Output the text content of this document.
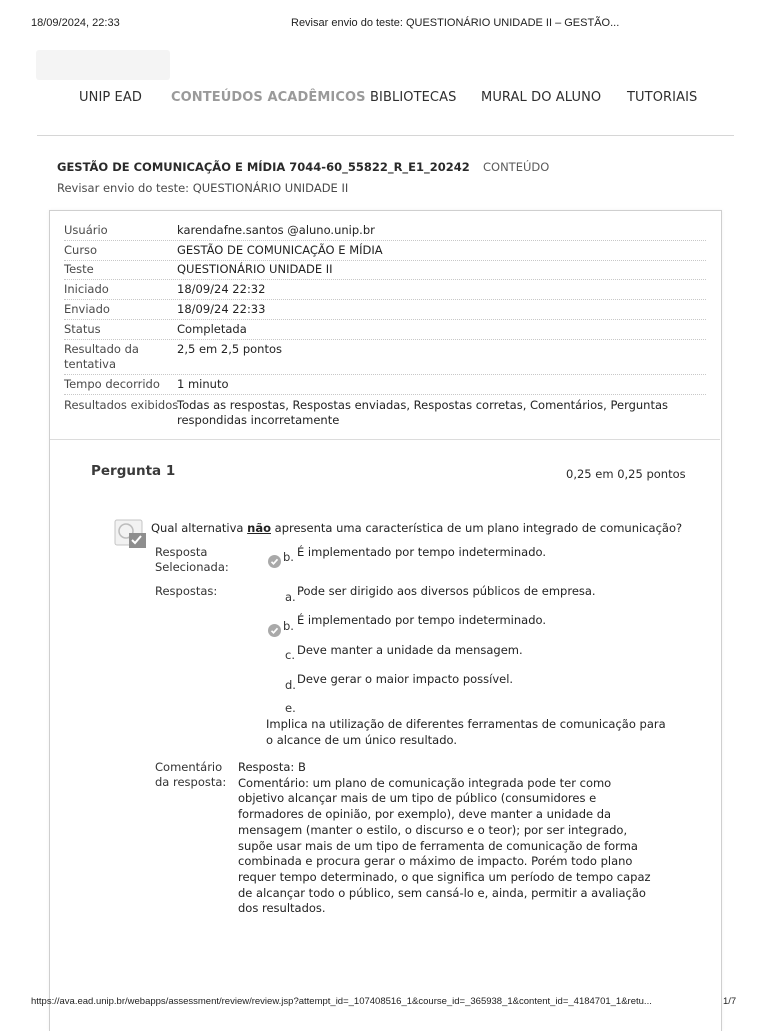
18/09/2024, 22:33	Revisar envio do teste: QUESTIONÁRIO UNIDADE II – GESTÃO...
UNIP EAD CONTEÚDOS ACADÊMICOS BIBLIOTECAS MURAL DO ALUNO TUTORIAIS
GESTÃO DE COMUNICAÇÃO E MÍDIA 7044-60_55822_R_E1_20242 CONTEÚDO
Revisar envio do teste: QUESTIONÁRIO UNIDADE II
Usuário	karendafne.santos @aluno.unip.br
Curso	GESTÃO DE COMUNICAÇÃO E MÍDIA
Teste	QUESTIONÁRIO UNIDADE II
Iniciado	18/09/24 22:32
Enviado	18/09/24 22:33
Status	Completada
Resultado da tentativa
2,5 em 2,5 pontos
Tempo decorrido 1 minuto
Resultados exibidos
Todas as respostas, Respostas enviadas, Respostas corretas, Comentários, Perguntas respondidas incorretamente
Pergunta 1	0,25 em 0,25 pontos
Qual alternativa não apresenta uma característica de um plano integrado de comunicação?
Resposta Selecionada:
b. É implementado por tempo indeterminado.
Respostas:	a. Pode ser dirigido aos diversos públicos de empresa.
b. É implementado por tempo indeterminado.
c. Deve manter a unidade da mensagem.
d. Deve gerar o maior impacto possível.
e.
Implica na utilização de diferentes ferramentas de comunicação para o alcance de um único resultado.
Comentário da resposta:
Resposta: B
Comentário: um plano de comunicação integrada pode ter como objetivo alcançar mais de um tipo de público (consumidores e formadores de opinião, por exemplo), deve manter a unidade da mensagem (manter o estilo, o discurso e o teor); por ser integrado, supõe usar mais de um tipo de ferramenta de comunicação de forma combinada e procura gerar o máximo de impacto. Porém todo plano requer tempo determinado, o que significa um período de tempo capaz de alcançar todo o público, sem cansá-lo e, ainda, permitir a avaliação dos resultados.
https://ava.ead.unip.br/webapps/assessment/review/review.jsp?attempt_id=_107408516_1&course_id=_365938_1&content_id=_4184701_1&retu...	1/7
